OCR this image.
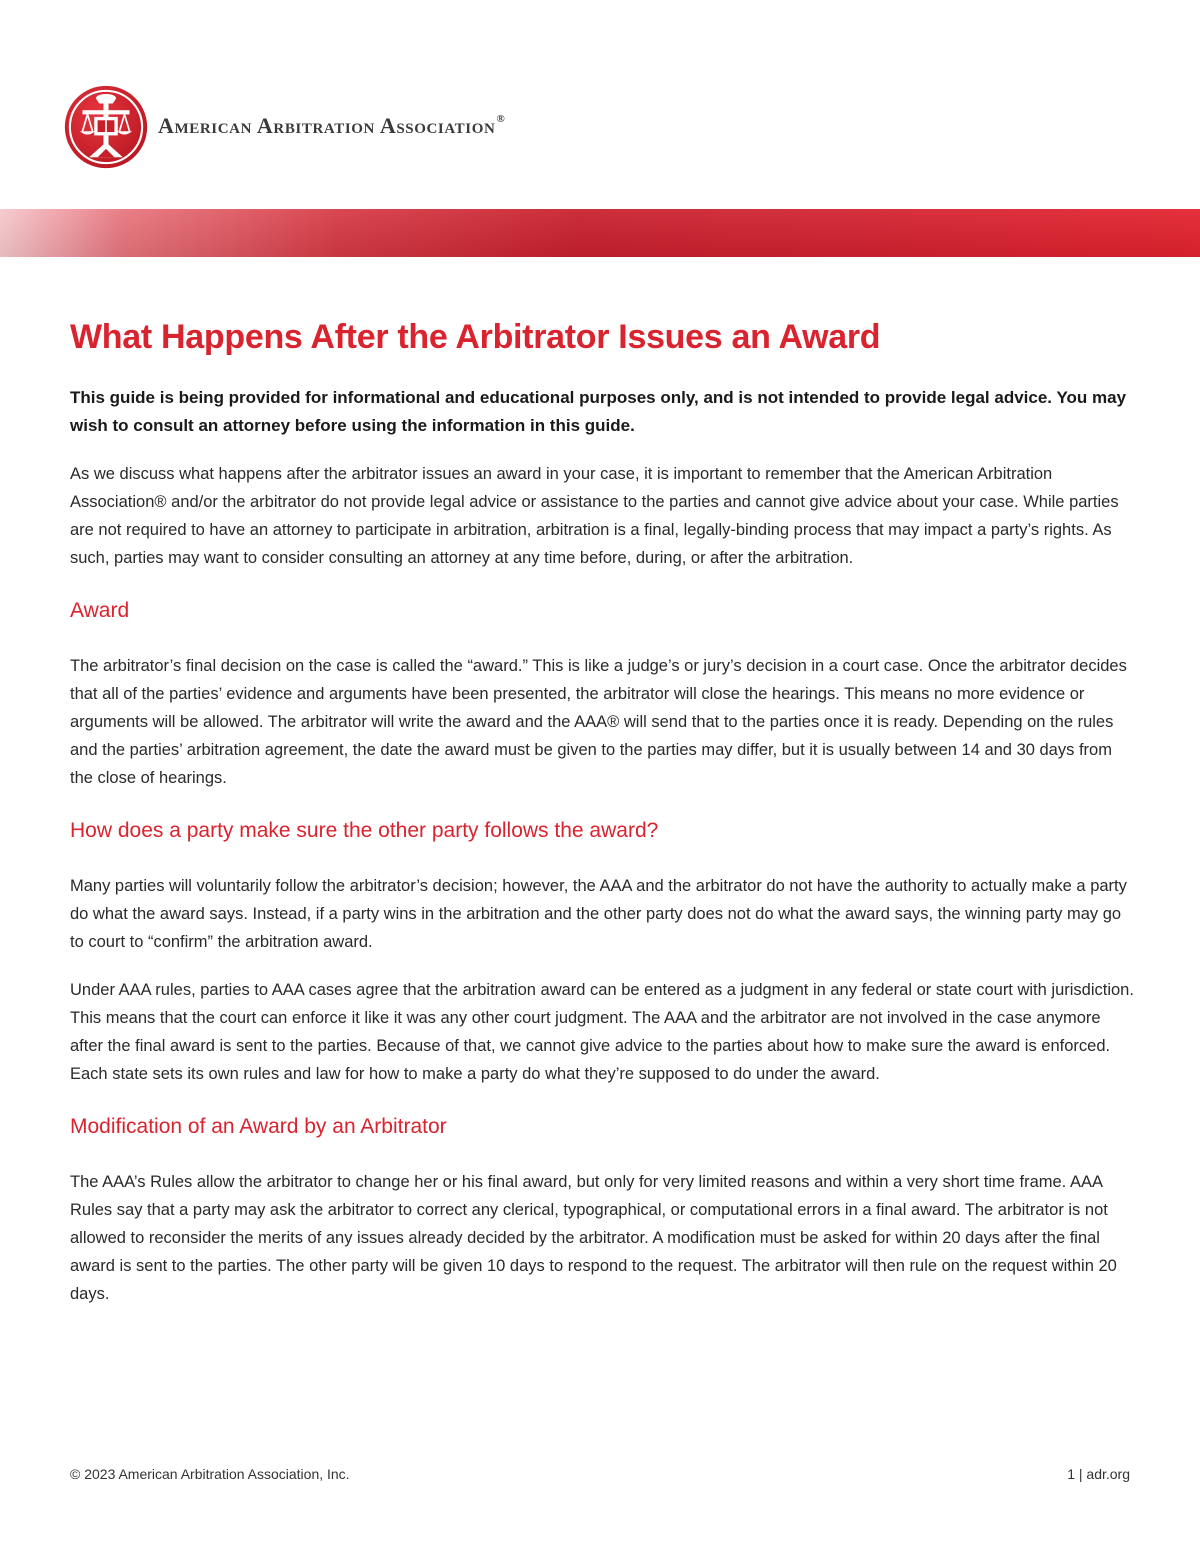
American Arbitration Association®
What Happens After the Arbitrator Issues an Award

This guide is being provided for informational and educational purposes only, and is not intended to provide legal advice. You may wish to consult an attorney before using the information in this guide.

As we discuss what happens after the arbitrator issues an award in your case, it is important to remember that the American Arbitration Association® and/or the arbitrator do not provide legal advice or assistance to the parties and cannot give advice about your case. While parties are not required to have an attorney to participate in arbitration, arbitration is a final, legally-binding process that may impact a party’s rights. As such, parties may want to consider consulting an attorney at any time before, during, or after the arbitration.

Award

The arbitrator’s final decision on the case is called the “award.” This is like a judge’s or jury’s decision in a court case. Once the arbitrator decides that all of the parties’ evidence and arguments have been presented, the arbitrator will close the hearings. This means no more evidence or arguments will be allowed. The arbitrator will write the award and the AAA® will send that to the parties once it is ready. Depending on the rules and the parties’ arbitration agreement, the date the award must be given to the parties may differ, but it is usually between 14 and 30 days from the close of hearings.

How does a party make sure the other party follows the award?

Many parties will voluntarily follow the arbitrator’s decision; however, the AAA and the arbitrator do not have the authority to actually make a party do what the award says. Instead, if a party wins in the arbitration and the other party does not do what the award says, the winning party may go to court to “confirm” the arbitration award.

Under AAA rules, parties to AAA cases agree that the arbitration award can be entered as a judgment in any federal or state court with jurisdiction. This means that the court can enforce it like it was any other court judgment. The AAA and the arbitrator are not involved in the case anymore after the final award is sent to the parties. Because of that, we cannot give advice to the parties about how to make sure the award is enforced. Each state sets its own rules and law for how to make a party do what they’re supposed to do under the award.

Modification of an Award by an Arbitrator

The AAA’s Rules allow the arbitrator to change her or his final award, but only for very limited reasons and within a very short time frame. AAA Rules say that a party may ask the arbitrator to correct any clerical, typographical, or computational errors in a final award. The arbitrator is not allowed to reconsider the merits of any issues already decided by the arbitrator. A modification must be asked for within 20 days after the final award is sent to the parties. The other party will be given 10 days to respond to the request. The arbitrator will then rule on the request within 20 days.

© 2023 American Arbitration Association, Inc.	1 | adr.org
